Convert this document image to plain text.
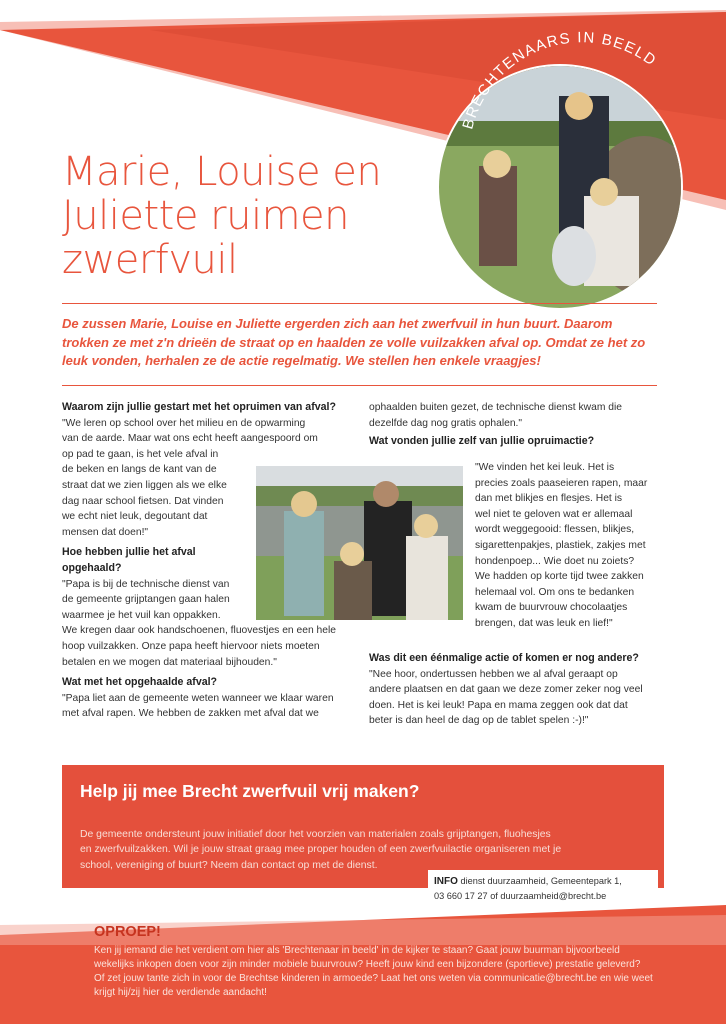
BRECHTENAARS IN BEELD
Marie, Louise en
Juliette ruimen
zwerfvuil
De zussen Marie, Louise en Juliette ergerden zich aan het zwerfvuil in hun buurt. Daarom trokken ze met z'n drieën de straat op en haalden ze volle vuilzakken afval op. Omdat ze het zo leuk vonden, herhalen ze de actie regelmatig. We stellen hen enkele vraagjes!
Waarom zijn jullie gestart met het opruimen van afval?
"We leren op school over het milieu en de opwarming
van de aarde. Maar wat ons echt heeft aangespoord om
op pad te gaan, is het vele afval in
de beken en langs de kant van de
straat dat we zien liggen als we elke
dag naar school fietsen. Dat vinden
we echt niet leuk, degoutant dat
mensen dat doen!"
Hoe hebben jullie het afval
opgehaald?
"Papa is bij de technische dienst van
de gemeente grijptangen gaan halen
waarmee je het vuil kan oppakken.
We kregen daar ook handschoenen, fluovestjes en een hele
hoop vuilzakken. Onze papa heeft hiervoor niets moeten
betalen en we mogen dat materiaal bijhouden."
Wat met het opgehaalde afval?
"Papa liet aan de gemeente weten wanneer we klaar waren
met afval rapen. We hebben de zakken met afval dat we
ophaalden buiten gezet, de technische dienst kwam die
dezelfde dag nog gratis ophalen."
Wat vonden jullie zelf van jullie opruimactie?
"We vinden het kei leuk. Het is
precies zoals paaseieren rapen, maar
dan met blikjes en flesjes. Het is
wel niet te geloven wat er allemaal
wordt weggegooid: flessen, blikjes,
sigarettenpakjes, plastiek, zakjes met
hondenpoep... Wie doet nu zoiets?
We hadden op korte tijd twee zakken
helemaal vol. Om ons te bedanken
kwam de buurvrouw chocolaatjes
brengen, dat was leuk en lief!"
Was dit een éénmalige actie of komen er nog andere?
"Nee hoor, ondertussen hebben we al afval geraapt op
andere plaatsen en dat gaan we deze zomer zeker nog veel
doen. Het is kei leuk! Papa en mama zeggen ook dat dat
beter is dan heel de dag op de tablet spelen :-)!"
Help jij mee Brecht zwerfvuil vrij maken?
De gemeente ondersteunt jouw initiatief door het voorzien van materialen zoals grijptangen, fluohesjes
en zwerfvuilzakken. Wil je jouw straat graag mee proper houden of een zwerfvuilactie organiseren met je
school, vereniging of buurt? Neem dan contact op met de dienst.
INFO dienst duurzaamheid, Gemeentepark 1,
03 660 17 27 of duurzaamheid@brecht.be
OPROEP!
Ken jij iemand die het verdient om hier als 'Brechtenaar in beeld' in de kijker te staan? Gaat jouw buurman bijvoorbeeld
wekelijks inkopen doen voor zijn minder mobiele buurvrouw? Heeft jouw kind een bijzondere (sportieve) prestatie geleverd?
Of zet jouw tante zich in voor de Brechtse kinderen in armoede? Laat het ons weten via communicatie@brecht.be en wie weet
krijgt hij/zij hier de verdiende aandacht!
